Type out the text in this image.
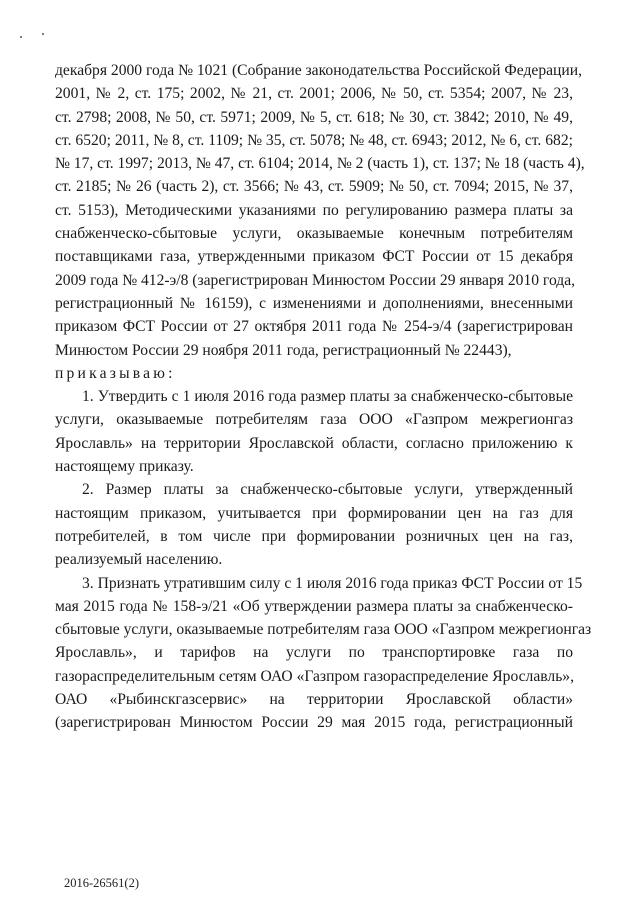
декабря 2000 года № 1021 (Собрание законодательства Российской Федерации,
2001, № 2, ст. 175; 2002, № 21, ст. 2001; 2006, № 50, ст. 5354; 2007, № 23,
ст. 2798; 2008, № 50, ст. 5971; 2009, № 5, ст. 618; № 30, ст. 3842; 2010, № 49,
ст. 6520; 2011, № 8, ст. 1109; № 35, ст. 5078; № 48, ст. 6943; 2012, № 6, ст. 682;
№ 17, ст. 1997; 2013, № 47, ст. 6104; 2014, № 2 (часть 1), ст. 137; № 18 (часть 4),
ст. 2185; № 26 (часть 2), ст. 3566; № 43, ст. 5909; № 50, ст. 7094; 2015, № 37,
ст. 5153), Методическими указаниями по регулированию размера платы за
снабженческо-сбытовые услуги, оказываемые конечным потребителям
поставщиками газа, утвержденными приказом ФСТ России от 15 декабря
2009 года № 412-э/8 (зарегистрирован Минюстом России 29 января 2010 года,
регистрационный № 16159), с изменениями и дополнениями, внесенными
приказом ФСТ России от 27 октября 2011 года № 254-э/4 (зарегистрирован
Минюстом России 29 ноября 2011 года, регистрационный № 22443),
приказываю:
1. Утвердить с 1 июля 2016 года размер платы за снабженческо-сбытовые
услуги, оказываемые потребителям газа ООО «Газпром межрегионгаз
Ярославль» на территории Ярославской области, согласно приложению к
настоящему приказу.
2. Размер платы за снабженческо-сбытовые услуги, утвержденный
настоящим приказом, учитывается при формировании цен на газ для
потребителей, в том числе при формировании розничных цен на газ,
реализуемый населению.
3. Признать утратившим силу с 1 июля 2016 года приказ ФСТ России от 15
мая 2015 года № 158-э/21 «Об утверждении размера платы за снабженческо-
сбытовые услуги, оказываемые потребителям газа ООО «Газпром межрегионгаз
Ярославль», и тарифов на услуги по транспортировке газа по
газораспределительным сетям ОАО «Газпром газораспределение Ярославль»,
ОАО «Рыбинскгазсервис» на территории Ярославской области»
(зарегистрирован Минюстом России 29 мая 2015 года, регистрационный
2016-26561(2)
